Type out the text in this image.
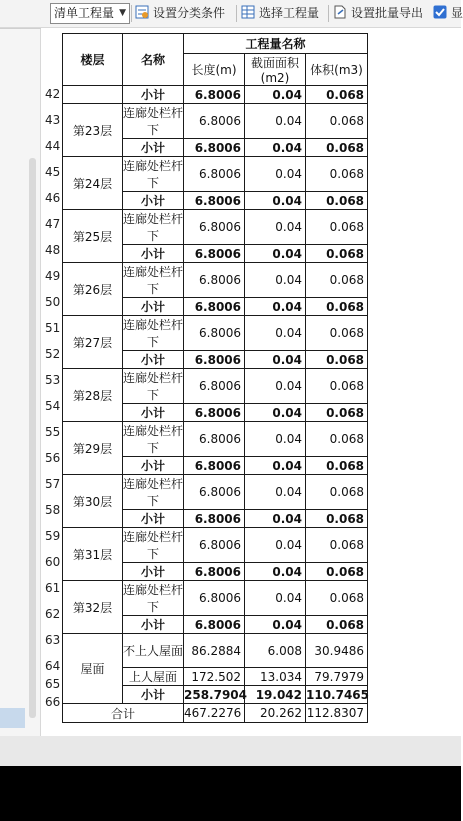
清单工程量 ▼	设置分类条件	选择工程量	设置批量导出	显
42
43
44
45
46
47
48
49
50
51
52
53
54
55
56
57
58
59
60
61
62
63
64
65
66
楼层	名称	工程量名称		
		长度(m)	截面面积(m2)	体积(m3)
	小计	6.8006	0.04	0.068
第23层	连廊处栏杆下	6.8006	0.04	0.068
	小计	6.8006	0.04	0.068
第24层	连廊处栏杆下	6.8006	0.04	0.068
	小计	6.8006	0.04	0.068
第25层	连廊处栏杆下	6.8006	0.04	0.068
	小计	6.8006	0.04	0.068
第26层	连廊处栏杆下	6.8006	0.04	0.068
	小计	6.8006	0.04	0.068
第27层	连廊处栏杆下	6.8006	0.04	0.068
	小计	6.8006	0.04	0.068
第28层	连廊处栏杆下	6.8006	0.04	0.068
	小计	6.8006	0.04	0.068
第29层	连廊处栏杆下	6.8006	0.04	0.068
	小计	6.8006	0.04	0.068
第30层	连廊处栏杆下	6.8006	0.04	0.068
	小计	6.8006	0.04	0.068
第31层	连廊处栏杆下	6.8006	0.04	0.068
	小计	6.8006	0.04	0.068
第32层	连廊处栏杆下	6.8006	0.04	0.068
	小计	6.8006	0.04	0.068
屋面	不上人屋面	86.2884	6.008	30.9486
	上人屋面	172.502	13.034	79.7979
	小计	258.7904	19.042	110.7465
合计		467.2276	20.262	112.8307
